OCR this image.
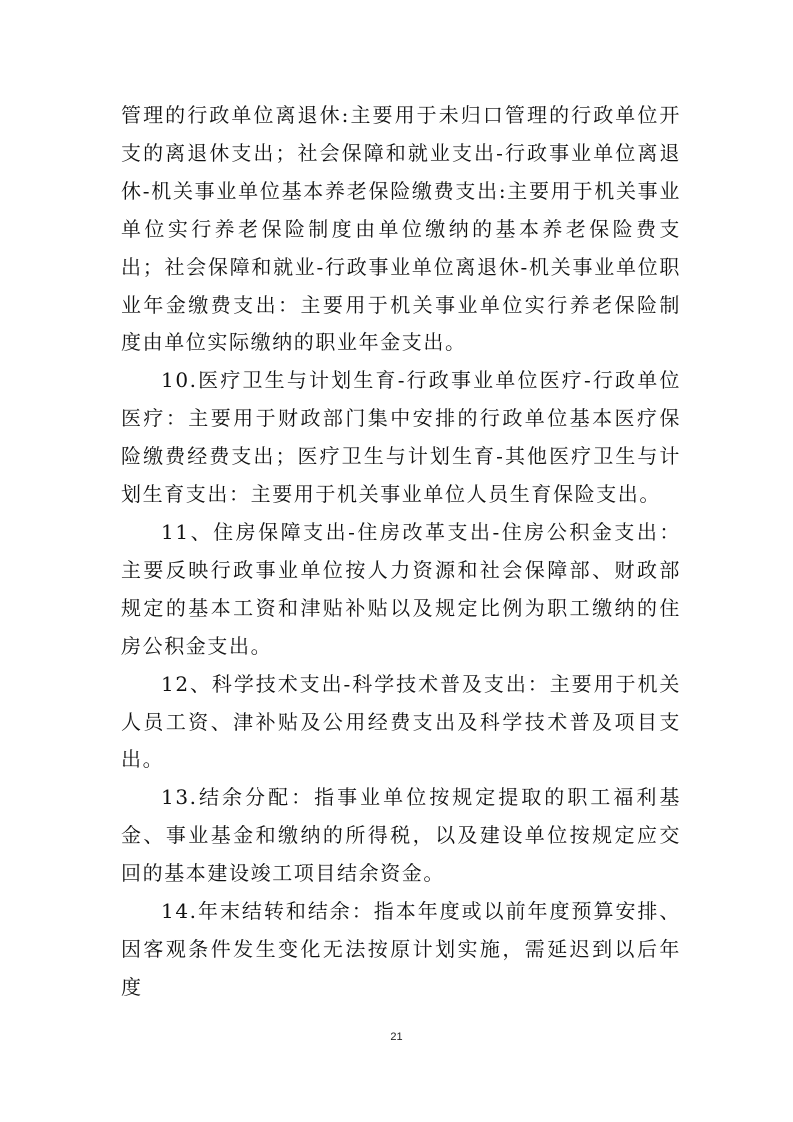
管理的行政单位离退休:主要用于未归口管理的行政单位开支的离退休支出；社会保障和就业支出-行政事业单位离退休-机关事业单位基本养老保险缴费支出:主要用于机关事业单位实行养老保险制度由单位缴纳的基本养老保险费支出；社会保障和就业-行政事业单位离退休-机关事业单位职业年金缴费支出：主要用于机关事业单位实行养老保险制度由单位实际缴纳的职业年金支出。

10.医疗卫生与计划生育-行政事业单位医疗-行政单位医疗：主要用于财政部门集中安排的行政单位基本医疗保险缴费经费支出；医疗卫生与计划生育-其他医疗卫生与计划生育支出：主要用于机关事业单位人员生育保险支出。

11、住房保障支出-住房改革支出-住房公积金支出：主要反映行政事业单位按人力资源和社会保障部、财政部规定的基本工资和津贴补贴以及规定比例为职工缴纳的住房公积金支出。

12、科学技术支出-科学技术普及支出：主要用于机关人员工资、津补贴及公用经费支出及科学技术普及项目支出。

13.结余分配：指事业单位按规定提取的职工福利基金、事业基金和缴纳的所得税，以及建设单位按规定应交回的基本建设竣工项目结余资金。

14.年末结转和结余：指本年度或以前年度预算安排、因客观条件发生变化无法按原计划实施，需延迟到以后年度

21
